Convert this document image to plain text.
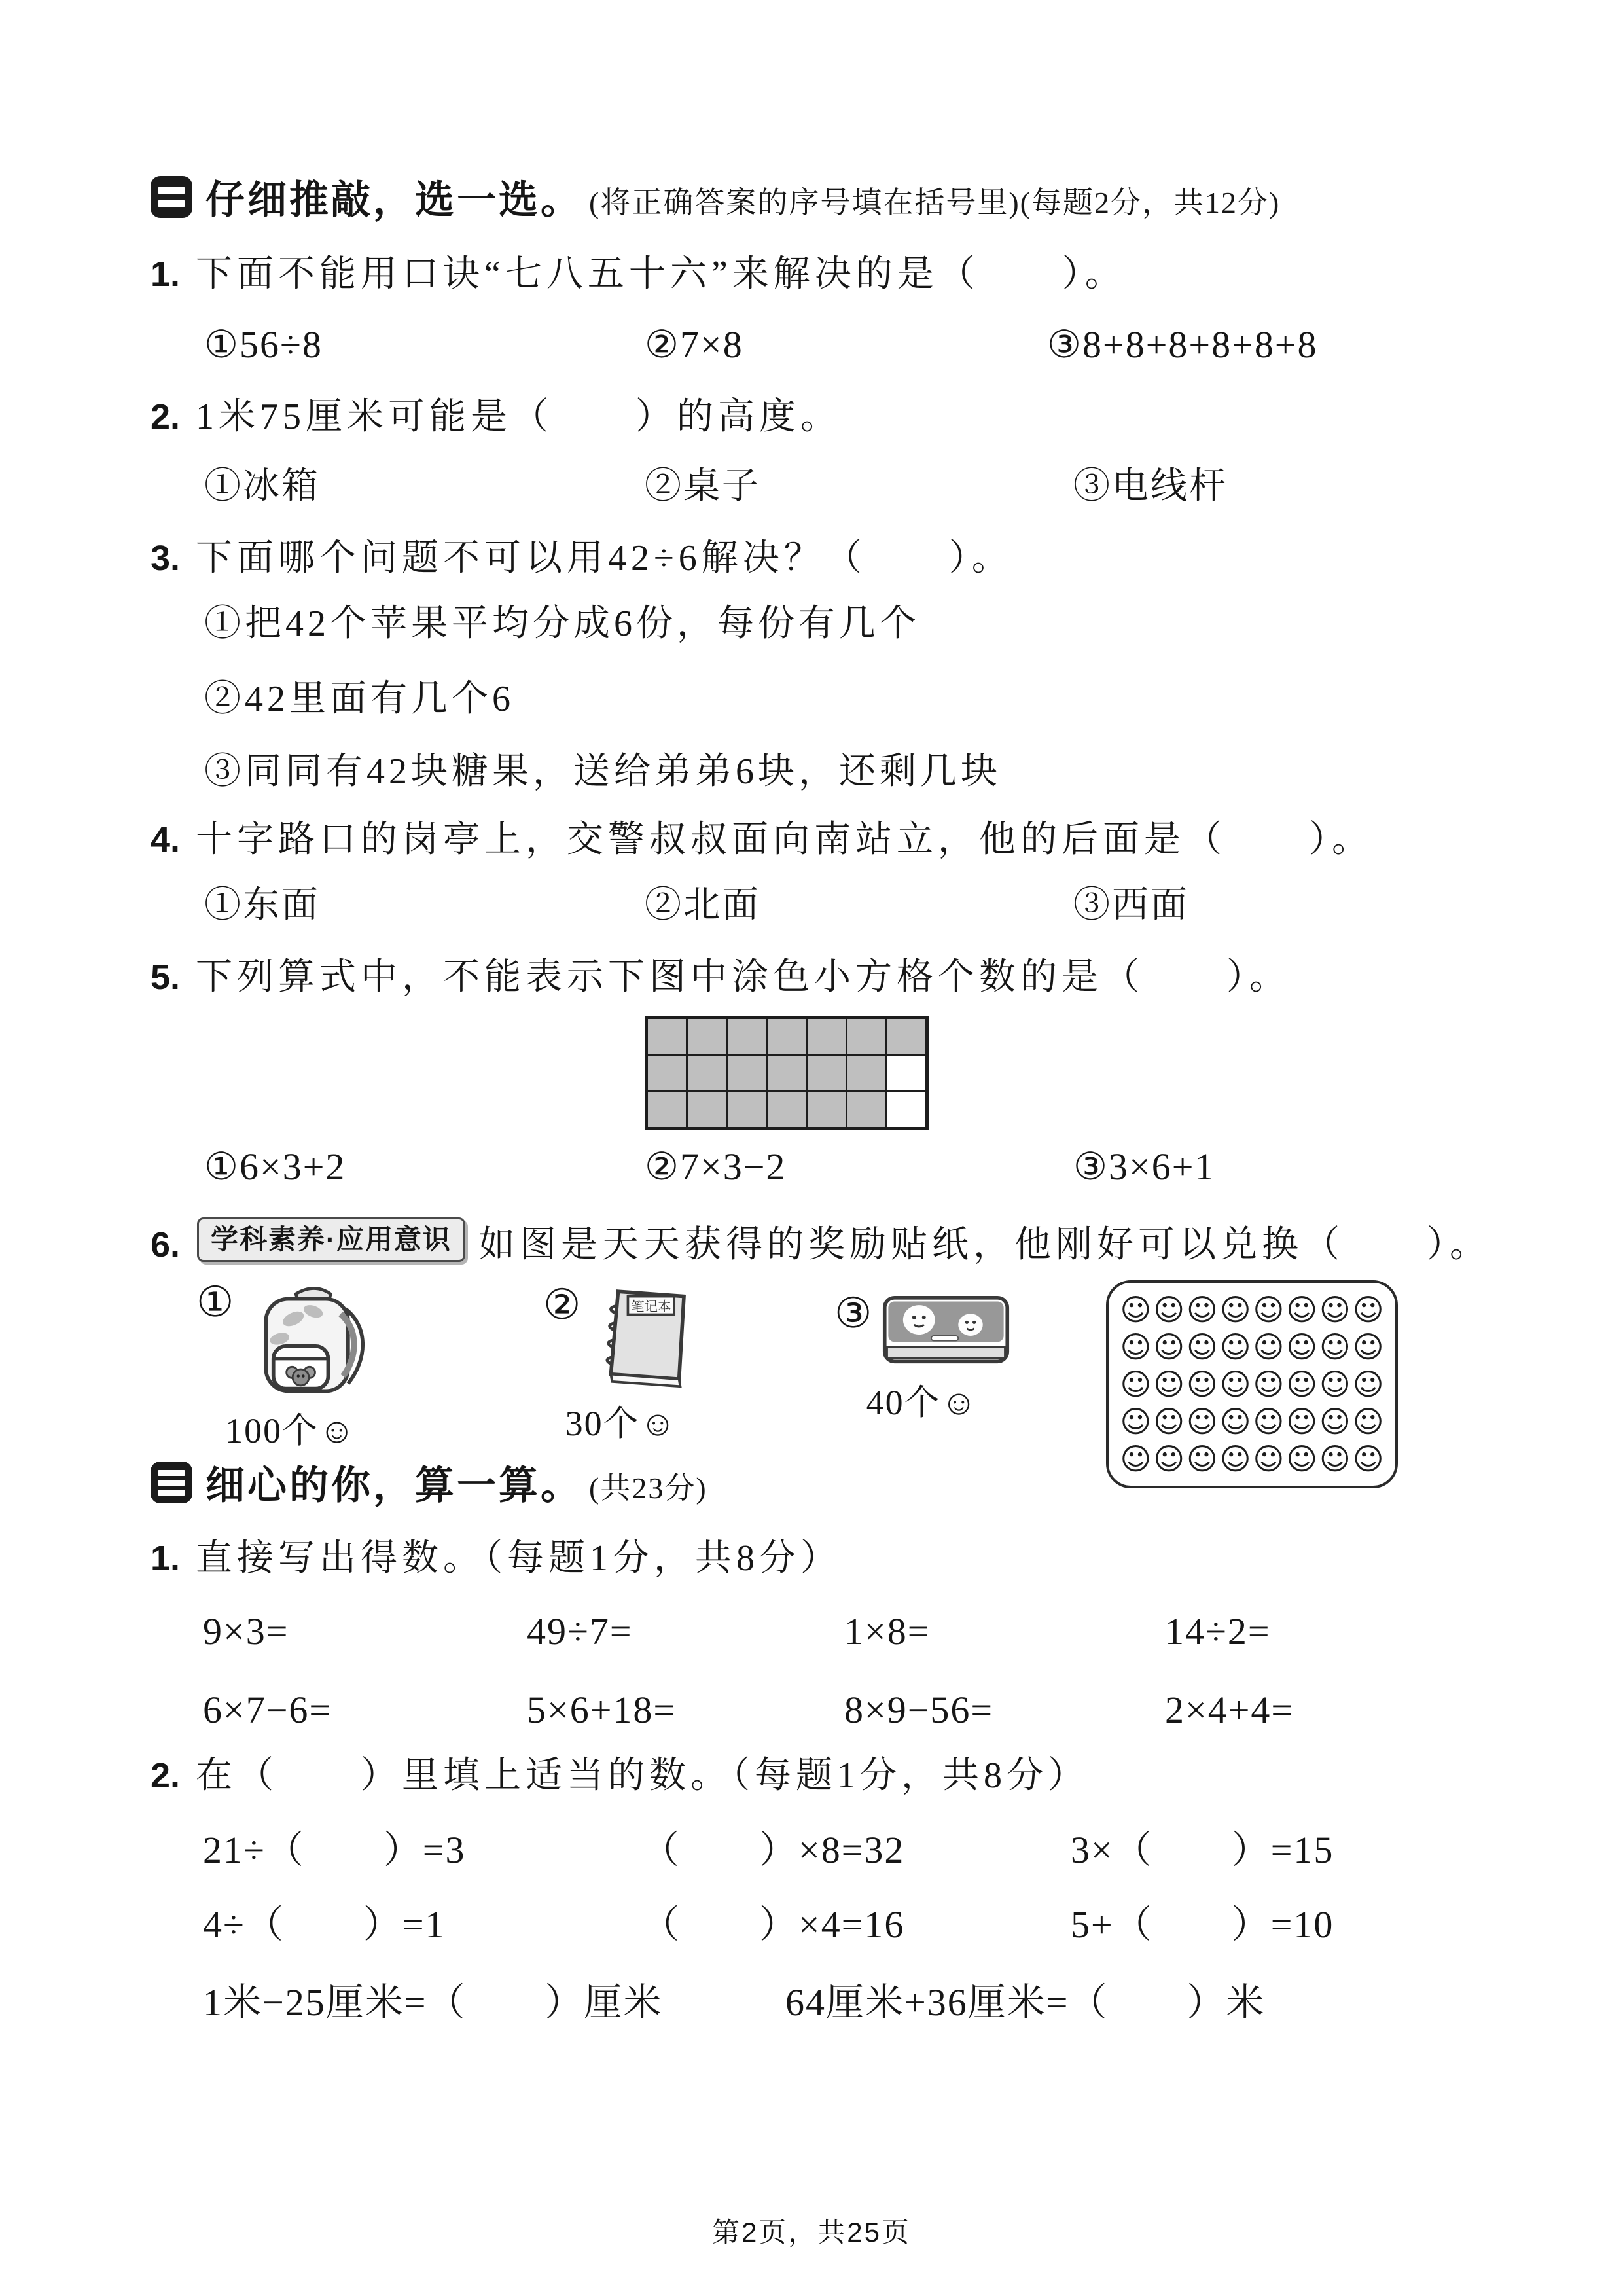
仔细推敲，选一选。 (将正确答案的序号填在括号里)(每题2分，共12分)
1. 下面不能用口诀“七八五十六”来解决的是（　　）。
①56÷8	②7×8	③8+8+8+8+8+8
2. 1米75厘米可能是（　　）的高度。
①冰箱	②桌子	③电线杆
3. 下面哪个问题不可以用42÷6解决？（　　）。
①把42个苹果平均分成6份，每份有几个
②42里面有几个6
③同同有42块糖果，送给弟弟6块，还剩几块
4. 十字路口的岗亭上，交警叔叔面向南站立，他的后面是（　　）。
①东面	②北面	③西面
5. 下列算式中，不能表示下图中涂色小方格个数的是（　　）。
①6×3+2	②7×3−2	③3×6+1
6. 学科素养·应用意识 如图是天天获得的奖励贴纸，他刚好可以兑换（　　）。
①
100个☺
②	笔记本
30个☺
③
40个☺
☺ ☺ ☺ ☺ ☺ ☺ ☺ ☺
☺ ☺ ☺ ☺ ☺ ☺ ☺ ☺
☺ ☺ ☺ ☺ ☺ ☺ ☺ ☺
☺ ☺ ☺ ☺ ☺ ☺ ☺ ☺
☺ ☺ ☺ ☺ ☺ ☺ ☺ ☺
细心的你，算一算。 (共23分)
1. 直接写出得数。（每题1分，共8分）
9×3=	49÷7=	1×8=	14÷2=
6×7−6=	5×6+18=	8×9−56=	2×4+4=
2. 在（　　）里填上适当的数。（每题1分，共8分）
21÷（　　）=3	（　　）×8=32	3×（　　）=15
4÷（　　）=1	（　　）×4=16	5+（　　）=10
1米−25厘米=（　　）厘米	64厘米+36厘米=（　　）米
第2页，共25页
